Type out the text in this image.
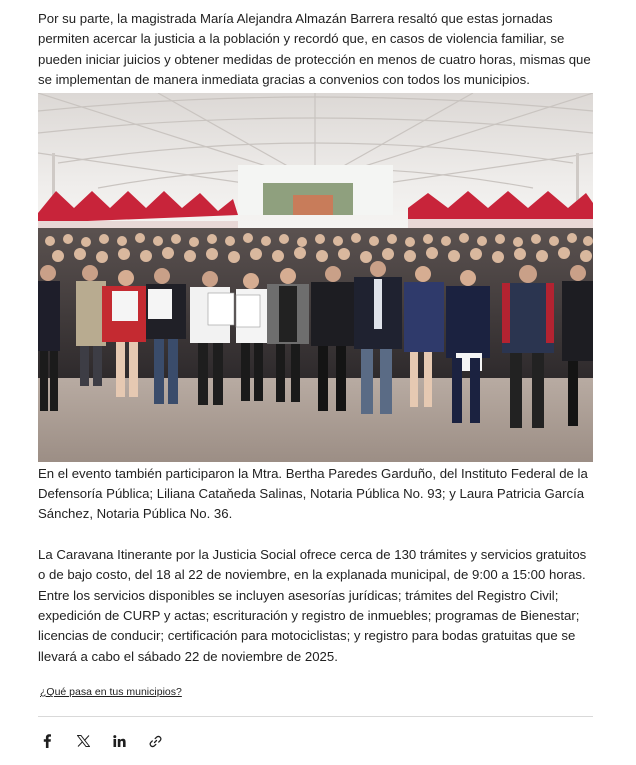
Por su parte, la magistrada María Alejandra Almazán Barrera resaltó que estas jornadas permiten acercar la justicia a la población y recordó que, en casos de violencia familiar, se pueden iniciar juicios y obtener medidas de protección en menos de cuatro horas, mismas que se implementan de manera inmediata gracias a convenios con todos los municipios.

En el evento también participaron la Mtra. Bertha Paredes Garduño, del Instituto Federal de la Defensoría Pública; Liliana Cataňeda Salinas, Notaria Pública No. 93; y Laura Patricia García Sánchez, Notaria Pública No. 36.

La Caravana Itinerante por la Justicia Social ofrece cerca de 130 trámites y servicios gratuitos o de bajo costo, del 18 al 22 de noviembre, en la explanada municipal, de 9:00 a 15:00 horas. Entre los servicios disponibles se incluyen asesorías jurídicas; trámites del Registro Civil; expedición de CURP y actas; escrituración y registro de inmuebles; programas de Bienestar; licencias de conducir; certificación para motociclistas; y registro para bodas gratuitas que se llevará a cabo el sábado 22 de noviembre de 2025.

¿Qué pasa en tus municipios?
